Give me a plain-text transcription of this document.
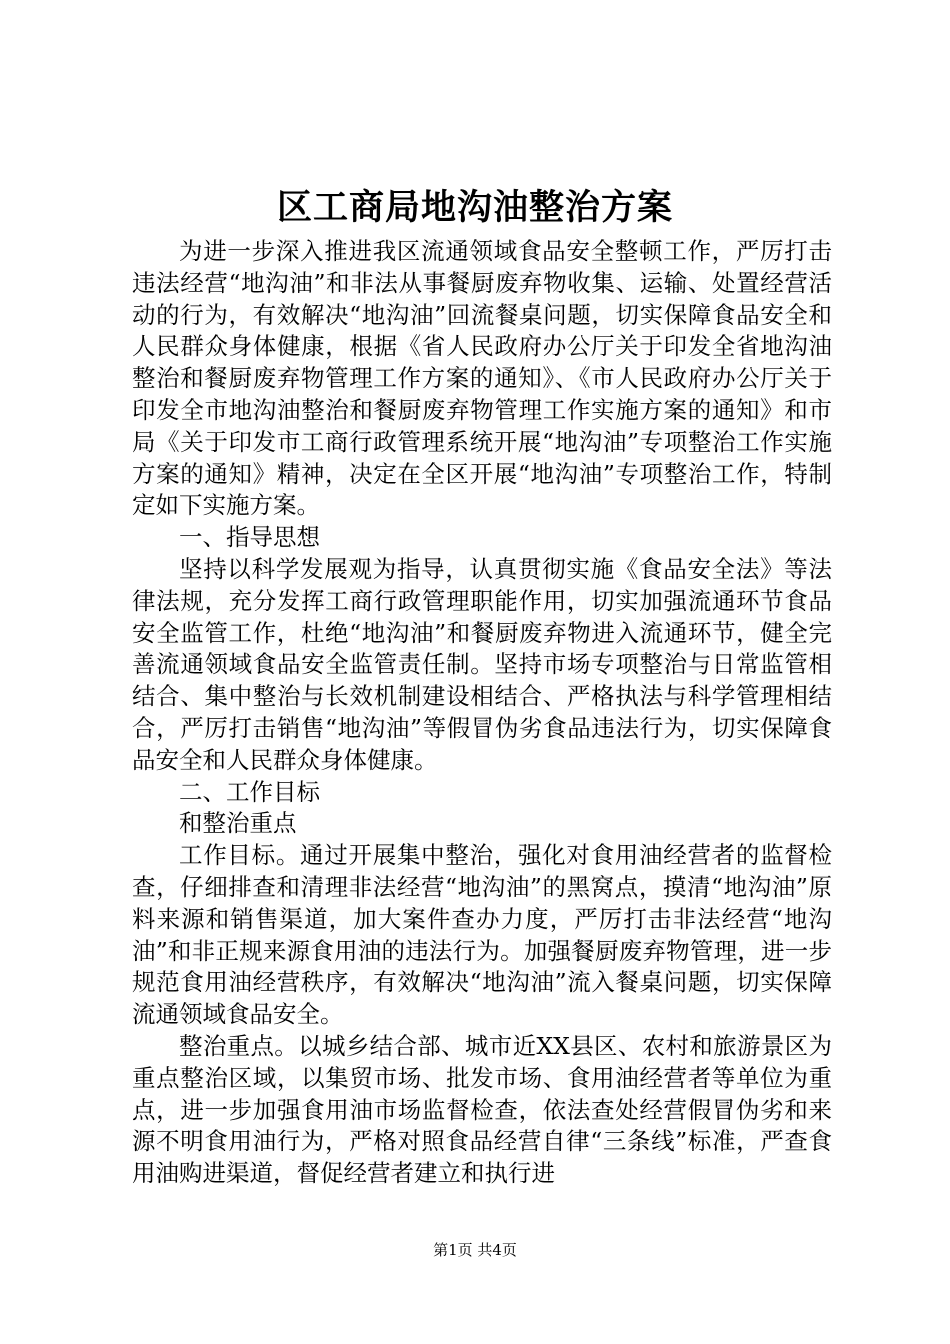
区工商局地沟油整治方案

为进一步深入推进我区流通领域食品安全整顿工作，严厉打击违法经营“地沟油”和非法从事餐厨废弃物收集、运输、处置经营活动的行为，有效解决“地沟油”回流餐桌问题，切实保障食品安全和人民群众身体健康，根据《省人民政府办公厅关于印发全省地沟油整治和餐厨废弃物管理工作方案的通知》、《市人民政府办公厅关于印发全市地沟油整治和餐厨废弃物管理工作实施方案的通知》和市局《关于印发市工商行政管理系统开展“地沟油”专项整治工作实施方案的通知》精神，决定在全区开展“地沟油”专项整治工作，特制定如下实施方案。

一、指导思想

坚持以科学发展观为指导，认真贯彻实施《食品安全法》等法律法规，充分发挥工商行政管理职能作用，切实加强流通环节食品安全监管工作，杜绝“地沟油”和餐厨废弃物进入流通环节，健全完善流通领域食品安全监管责任制。坚持市场专项整治与日常监管相结合、集中整治与长效机制建设相结合、严格执法与科学管理相结合，严厉打击销售“地沟油”等假冒伪劣食品违法行为，切实保障食品安全和人民群众身体健康。

二、工作目标

和整治重点

工作目标。通过开展集中整治，强化对食用油经营者的监督检查，仔细排查和清理非法经营“地沟油”的黑窝点，摸清“地沟油”原料来源和销售渠道，加大案件查办力度，严厉打击非法经营“地沟油”和非正规来源食用油的违法行为。加强餐厨废弃物管理，进一步规范食用油经营秩序，有效解决“地沟油”流入餐桌问题，切实保障流通领域食品安全。

整治重点。以城乡结合部、城市近XX县区、农村和旅游景区为重点整治区域，以集贸市场、批发市场、食用油经营者等单位为重点，进一步加强食用油市场监督检查，依法查处经营假冒伪劣和来源不明食用油行为，严格对照食品经营自律“三条线”标准，严查食用油购进渠道，督促经营者建立和执行进

第1页 共4页
